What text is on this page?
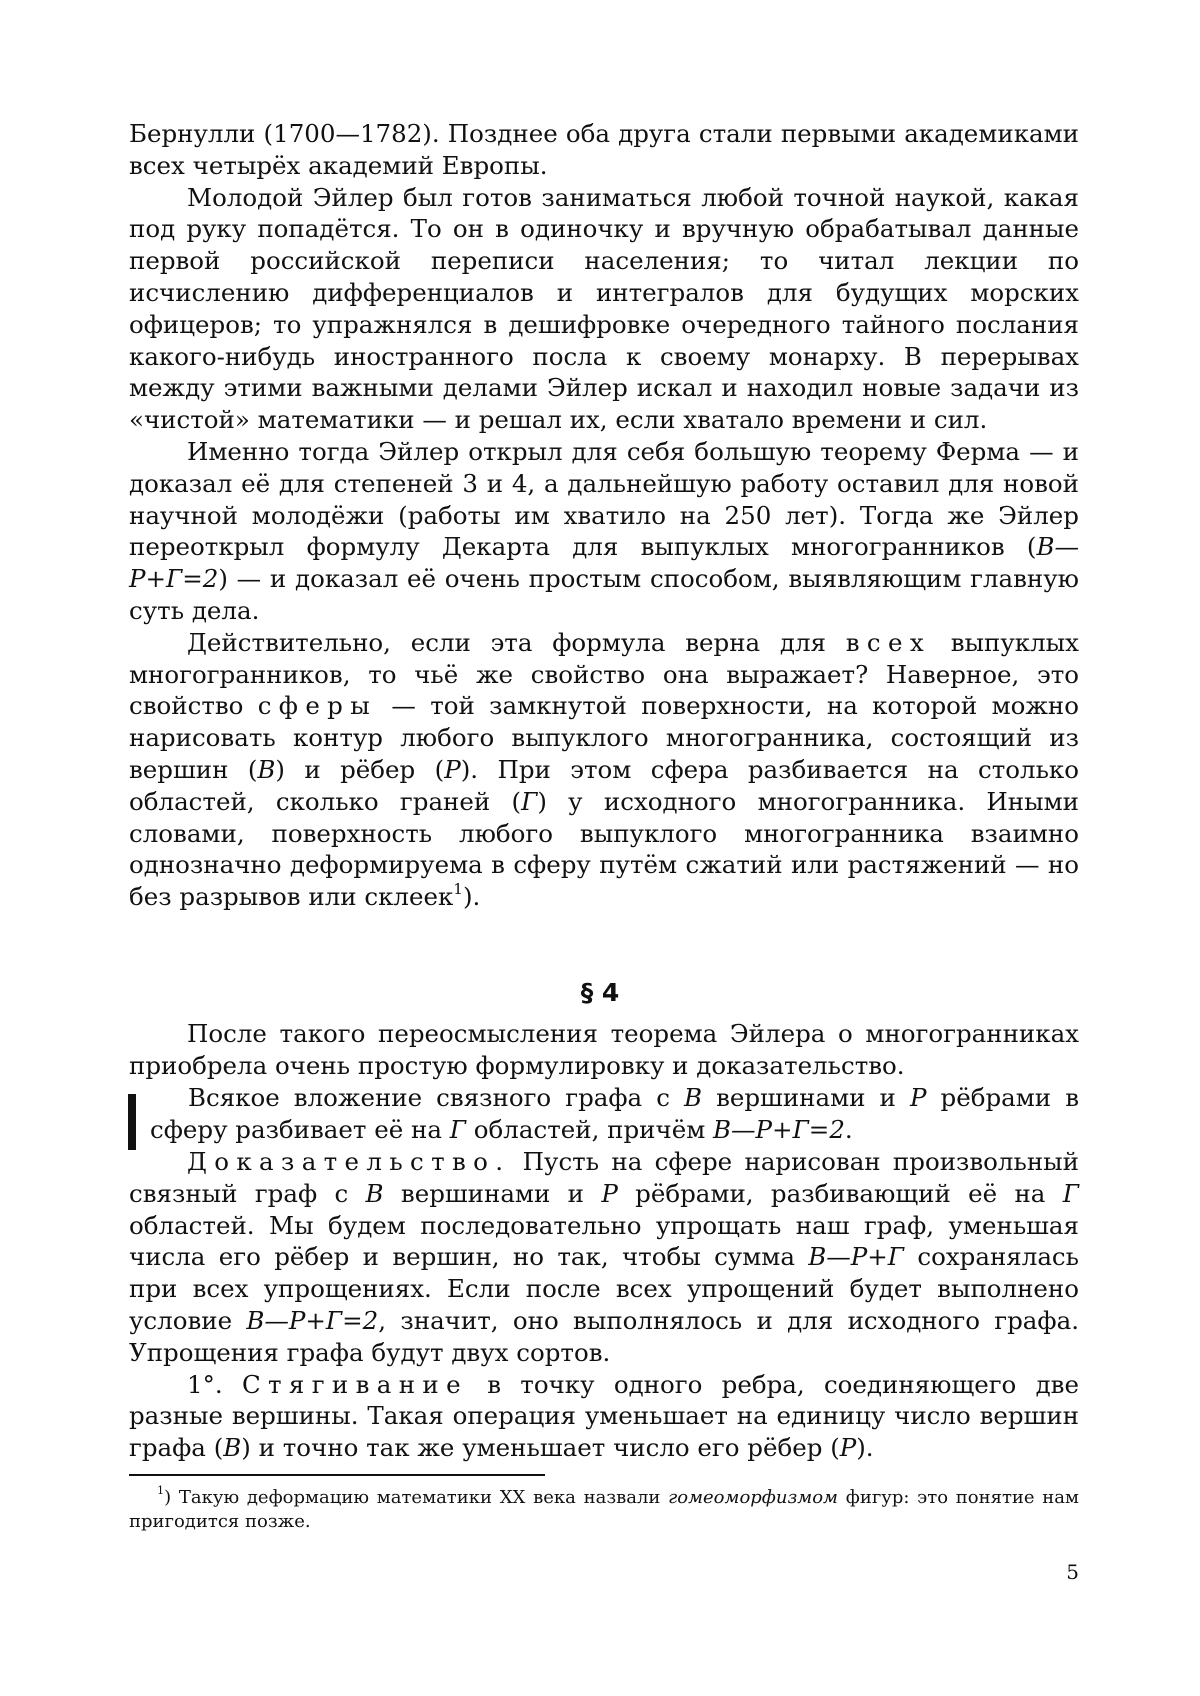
Бернулли (1700—1782). Позднее оба друга стали первыми академиками всех четырёх академий Европы.

Молодой Эйлер был готов заниматься любой точной наукой, какая под руку попадётся. То он в одиночку и вручную обрабатывал данные первой российской переписи населения; то читал лекции по исчислению дифференциалов и интегралов для будущих морских офицеров; то упражнялся в дешифровке очередного тайного послания какого-нибудь иностранного посла к своему монарху. В перерывах между этими важными делами Эйлер искал и находил новые задачи из «чистой» математики — и решал их, если хватало времени и сил.

Именно тогда Эйлер открыл для себя большую теорему Ферма — и доказал её для степеней 3 и 4, а дальнейшую работу оставил для новой научной молодёжи (работы им хватило на 250 лет). Тогда же Эйлер переоткрыл формулу Декарта для выпуклых многогранников (В—Р+Г=2) — и доказал её очень простым способом, выявляющим главную суть дела.

Действительно, если эта формула верна для всех выпуклых многогранников, то чьё же свойство она выражает? Наверное, это свойство сферы — той замкнутой поверхности, на которой можно нарисовать контур любого выпуклого многогранника, состоящий из вершин (В) и рёбер (Р). При этом сфера разбивается на столько областей, сколько граней (Г) у исходного многогранника. Иными словами, поверхность любого выпуклого многогранника взаимно однозначно деформируема в сферу путём сжатий или растяжений — но без разрывов или склеек$^1$).

§ 4

После такого переосмысления теорема Эйлера о многогранниках приобрела очень простую формулировку и доказательство.

Всякое вложение связного графа с В вершинами и Р рёбрами в сферу разбивает её на Г областей, причём В—Р+Г=2.

Доказательство. Пусть на сфере нарисован произвольный связный граф с В вершинами и Р рёбрами, разбивающий её на Г областей. Мы будем последовательно упрощать наш граф, уменьшая числа его рёбер и вершин, но так, чтобы сумма В—Р+Г сохранялась при всех упрощениях. Если после всех упрощений будет выполнено условие В—Р+Г=2, значит, оно выполнялось и для исходного графа. Упрощения графа будут двух сортов.

1°. Стягивание в точку одного ребра, соединяющего две разные вершины. Такая операция уменьшает на единицу число вершин графа (В) и точно так же уменьшает число его рёбер (Р).

$^1$) Такую деформацию математики XX века назвали гомеоморфизмом фигур: это понятие нам пригодится позже.

5
